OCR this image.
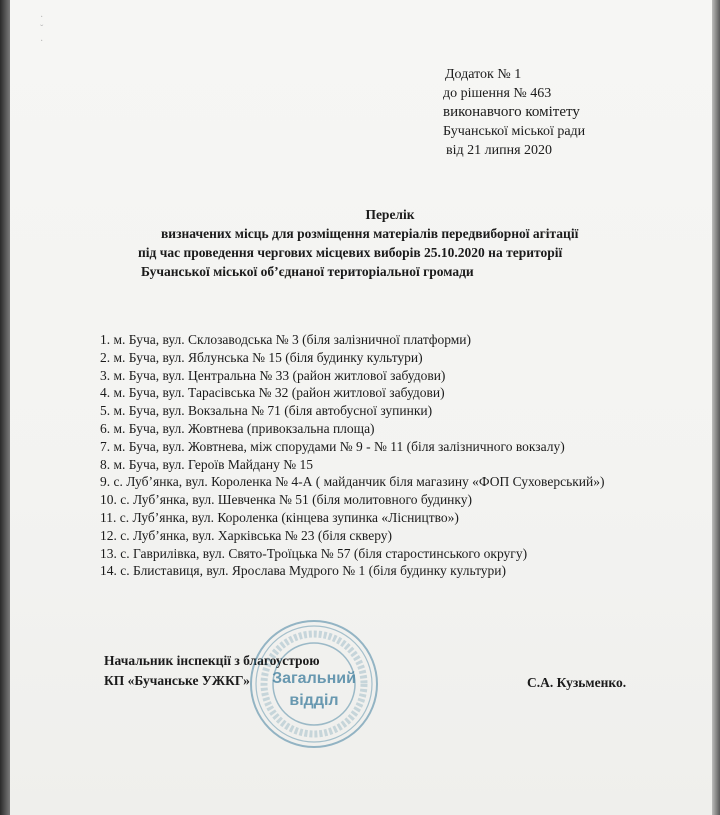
·
ˇ
·
Додаток № 1
до рішення № 463
виконавчого комітету
Бучанської міської ради
від 21 липня 2020
Перелік
визначених місць для розміщення матеріалів передвиборної агітації
під час проведення чергових місцевих виборів 25.10.2020 на території
Бучанської міської об’єднаної територіальної громади
1. м. Буча, вул. Склозаводська № 3 (біля залізничної платформи)
2. м. Буча, вул. Яблунська № 15 (біля будинку культури)
3. м. Буча, вул. Центральна № 33 (район житлової забудови)
4. м. Буча, вул. Тарасівська № 32 (район житлової забудови)
5. м. Буча, вул. Вокзальна № 71 (біля автобусної зупинки)
6. м. Буча, вул. Жовтнева (привокзальна площа)
7. м. Буча, вул. Жовтнева, між спорудами № 9 - № 11 (біля залізничного вокзалу)
8. м. Буча, вул. Героїв Майдану № 15
9. с. Луб’янка, вул. Короленка № 4-А ( майданчик біля магазину «ФОП Суховерський»)
10. с. Луб’янка, вул. Шевченка № 51 (біля молитовного будинку)
11. с. Луб’янка, вул. Короленка (кінцева зупинка «Лісництво»)
12. с. Луб’янка, вул. Харківська № 23 (біля скверу)
13. с. Гаврилівка, вул. Свято-Троїцька № 57 (біля старостинського округу)
14. с. Блиставиця, вул. Ярослава Мудрого № 1 (біля будинку культури)
Начальник інспекції з благоустрою
КП «Бучанське УЖКГ»	Загальний
відділ
С.А. Кузьменко.
